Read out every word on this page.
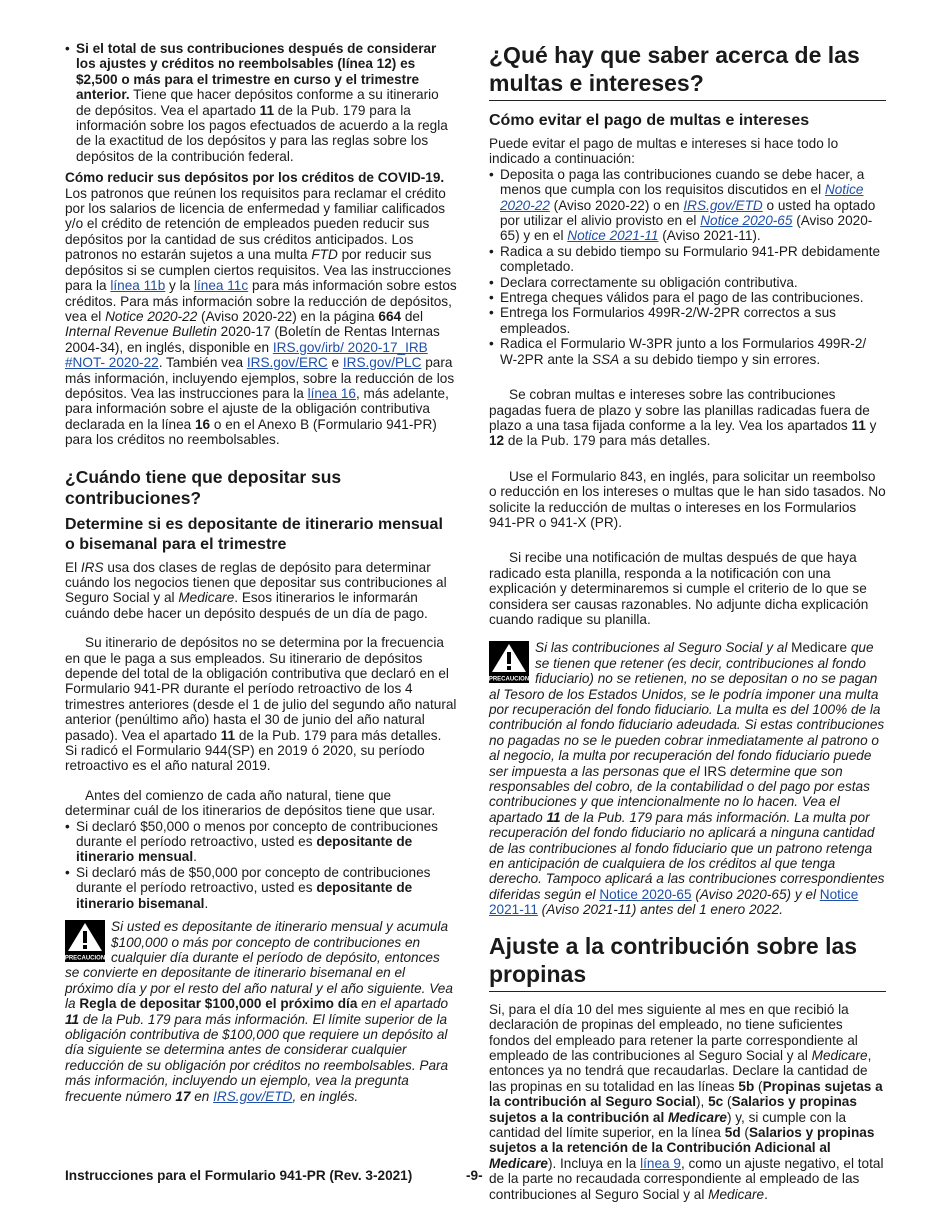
• Si el total de sus contribuciones después de considerar los ajustes y créditos no reembolsables (línea 12) es $2,500 o más para el trimestre en curso y el trimestre anterior. Tiene que hacer depósitos conforme a su itinerario de depósitos. Vea el apartado 11 de la Pub. 179 para la información sobre los pagos efectuados de acuerdo a la regla de la exactitud de los depósitos y para las reglas sobre los depósitos de la contribución federal.

Cómo reducir sus depósitos por los créditos de COVID-19. Los patronos que reúnen los requisitos para reclamar el crédito por los salarios de licencia de enfermedad y familiar calificados y/o el crédito de retención de empleados pueden reducir sus depósitos por la cantidad de sus créditos anticipados. Los patronos no estarán sujetos a una multa FTD por reducir sus depósitos si se cumplen ciertos requisitos. Vea las instrucciones para la línea 11b y la línea 11c para más información sobre estos créditos. Para más información sobre la reducción de depósitos, vea el Notice 2020-22 (Aviso 2020-22) en la página 664 del Internal Revenue Bulletin 2020-17 (Boletín de Rentas Internas 2004-34), en inglés, disponible en IRS.gov/irb/ 2020-17_IRB #NOT- 2020-22. También vea IRS.gov/ERC e IRS.gov/PLC para más información, incluyendo ejemplos, sobre la reducción de los depósitos. Vea las instrucciones para la línea 16, más adelante, para información sobre el ajuste de la obligación contributiva declarada en la línea 16 o en el Anexo B (Formulario 941-PR) para los créditos no reembolsables.

¿Cuándo tiene que depositar sus contribuciones?
Determine si es depositante de itinerario mensual o bisemanal para el trimestre

El IRS usa dos clases de reglas de depósito para determinar cuándo los negocios tienen que depositar sus contribuciones al Seguro Social y al Medicare. Esos itinerarios le informarán cuándo debe hacer un depósito después de un día de pago.

Su itinerario de depósitos no se determina por la frecuencia en que le paga a sus empleados. Su itinerario de depósitos depende del total de la obligación contributiva que declaró en el Formulario 941-PR durante el período retroactivo de los 4 trimestres anteriores (desde el 1 de julio del segundo año natural anterior (penúltimo año) hasta el 30 de junio del año natural pasado). Vea el apartado 11 de la Pub. 179 para más detalles. Si radicó el Formulario 944(SP) en 2019 ó 2020, su período retroactivo es el año natural 2019.

Antes del comienzo de cada año natural, tiene que determinar cuál de los itinerarios de depósitos tiene que usar.

• Si declaró $50,000 o menos por concepto de contribuciones durante el período retroactivo, usted es depositante de itinerario mensual.

• Si declaró más de $50,000 por concepto de contribuciones durante el período retroactivo, usted es depositante de itinerario bisemanal.

PRECAUCION

Si usted es depositante de itinerario mensual y acumula $100,000 o más por concepto de contribuciones en cualquier día durante el período de depósito, entonces se convierte en depositante de itinerario bisemanal en el próximo día y por el resto del año natural y el año siguiente. Vea la Regla de depositar $100,000 el próximo día en el apartado 11 de la Pub. 179 para más información. El límite superior de la obligación contributiva de $100,000 que requiere un depósito al día siguiente se determina antes de considerar cualquier reducción de su obligación por créditos no reembolsables. Para más información, incluyendo un ejemplo, vea la pregunta frecuente número 17 en IRS.gov/ETD, en inglés.

¿Qué hay que saber acerca de las multas e intereses?
Cómo evitar el pago de multas e intereses

Puede evitar el pago de multas e intereses si hace todo lo indicado a continuación:

• Deposita o paga las contribuciones cuando se debe hacer, a menos que cumpla con los requisitos discutidos en el Notice 2020-22 (Aviso 2020-22) o en IRS.gov/ETD o usted ha optado por utilizar el alivio provisto en el Notice 2020-65 (Aviso 2020-65) y en el Notice 2021-11 (Aviso 2021-11).

• Radica a su debido tiempo su Formulario 941-PR debidamente completado.

• Declara correctamente su obligación contributiva.

• Entrega cheques válidos para el pago de las contribuciones.

• Entrega los Formularios 499R-2/W-2PR correctos a sus empleados.

• Radica el Formulario W-3PR junto a los Formularios 499R-2/ W-2PR ante la SSA a su debido tiempo y sin errores.

Se cobran multas e intereses sobre las contribuciones pagadas fuera de plazo y sobre las planillas radicadas fuera de plazo a una tasa fijada conforme a la ley. Vea los apartados 11 y 12 de la Pub. 179 para más detalles.

Use el Formulario 843, en inglés, para solicitar un reembolso o reducción en los intereses o multas que le han sido tasados. No solicite la reducción de multas o intereses en los Formularios 941-PR o 941-X (PR).

Si recibe una notificación de multas después de que haya radicado esta planilla, responda a la notificación con una explicación y determinaremos si cumple el criterio de lo que se considera ser causas razonables. No adjunte dicha explicación cuando radique su planilla.

PRECAUCION

Si las contribuciones al Seguro Social y al Medicare que se tienen que retener (es decir, contribuciones al fondo fiduciario) no se retienen, no se depositan o no se pagan al Tesoro de los Estados Unidos, se le podría imponer una multa por recuperación del fondo fiduciario. La multa es del 100% de la contribución al fondo fiduciario adeudada. Si estas contribuciones no pagadas no se le pueden cobrar inmediatamente al patrono o al negocio, la multa por recuperación del fondo fiduciario puede ser impuesta a las personas que el IRS determine que son responsables del cobro, de la contabilidad o del pago por estas contribuciones y que intencionalmente no lo hacen. Vea el apartado 11 de la Pub. 179 para más información. La multa por recuperación del fondo fiduciario no aplicará a ninguna cantidad de las contribuciones al fondo fiduciario que un patrono retenga en anticipación de cualquiera de los créditos al que tenga derecho. Tampoco aplicará a las contribuciones correspondientes diferidas según el Notice 2020-65 (Aviso 2020-65) y el Notice 2021-11 (Aviso 2021-11) antes del 1 enero 2022.

Ajuste a la contribución sobre las propinas

Si, para el día 10 del mes siguiente al mes en que recibió la declaración de propinas del empleado, no tiene suficientes fondos del empleado para retener la parte correspondiente al empleado de las contribuciones al Seguro Social y al Medicare, entonces ya no tendrá que recaudarlas. Declare la cantidad de las propinas en su totalidad en las líneas 5b (Propinas sujetas a la contribución al Seguro Social), 5c (Salarios y propinas sujetos a la contribución al Medicare) y, si cumple con la cantidad del límite superior, en la línea 5d (Salarios y propinas sujetos a la retención de la Contribución Adicional al Medicare). Incluya en la línea 9, como un ajuste negativo, el total de la parte no recaudada correspondiente al empleado de las contribuciones al Seguro Social y al Medicare.

Instrucciones para el Formulario 941-PR (Rev. 3-2021)	-9-
